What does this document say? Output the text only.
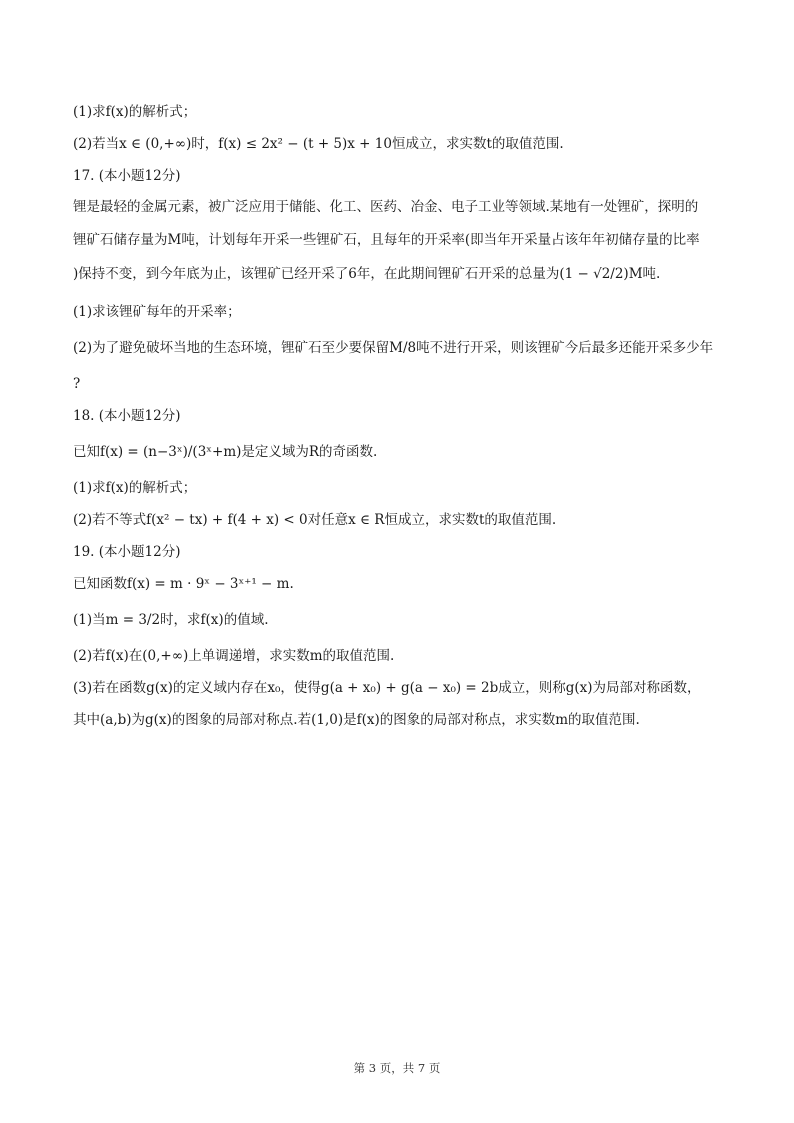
(1)求f(x)的解析式；
(2)若当x ∈ (0,+∞)时，f(x) ≤ 2x² − (t + 5)x + 10恒成立，求实数t的取值范围.
17. (本小题12分)
锂是最轻的金属元素，被广泛应用于储能、化工、医药、冶金、电子工业等领域.某地有一处锂矿，探明的
锂矿石储存量为M吨，计划每年开采一些锂矿石，且每年的开采率(即当年开采量占该年年初储存量的比率
)保持不变，到今年底为止，该锂矿已经开采了6年，在此期间锂矿石开采的总量为(1 − √2/2)M吨.
(1)求该锂矿每年的开采率；
(2)为了避免破坏当地的生态环境，锂矿石至少要保留M/8吨不进行开采，则该锂矿今后最多还能开采多少年
?
18. (本小题12分)
已知f(x) = (n−3ˣ)/(3ˣ+m)是定义域为R的奇函数.
(1)求f(x)的解析式；
(2)若不等式f(x² − tx) + f(4 + x) < 0对任意x ∈ R恒成立，求实数t的取值范围.
19. (本小题12分)
已知函数f(x) = m · 9ˣ − 3ˣ⁺¹ − m.
(1)当m = 3/2时，求f(x)的值域.
(2)若f(x)在(0,+∞)上单调递增，求实数m的取值范围.
(3)若在函数g(x)的定义域内存在x₀，使得g(a + x₀) + g(a − x₀) = 2b成立，则称g(x)为局部对称函数，
其中(a,b)为g(x)的图象的局部对称点.若(1,0)是f(x)的图象的局部对称点，求实数m的取值范围.
第 3 页，共 7 页
